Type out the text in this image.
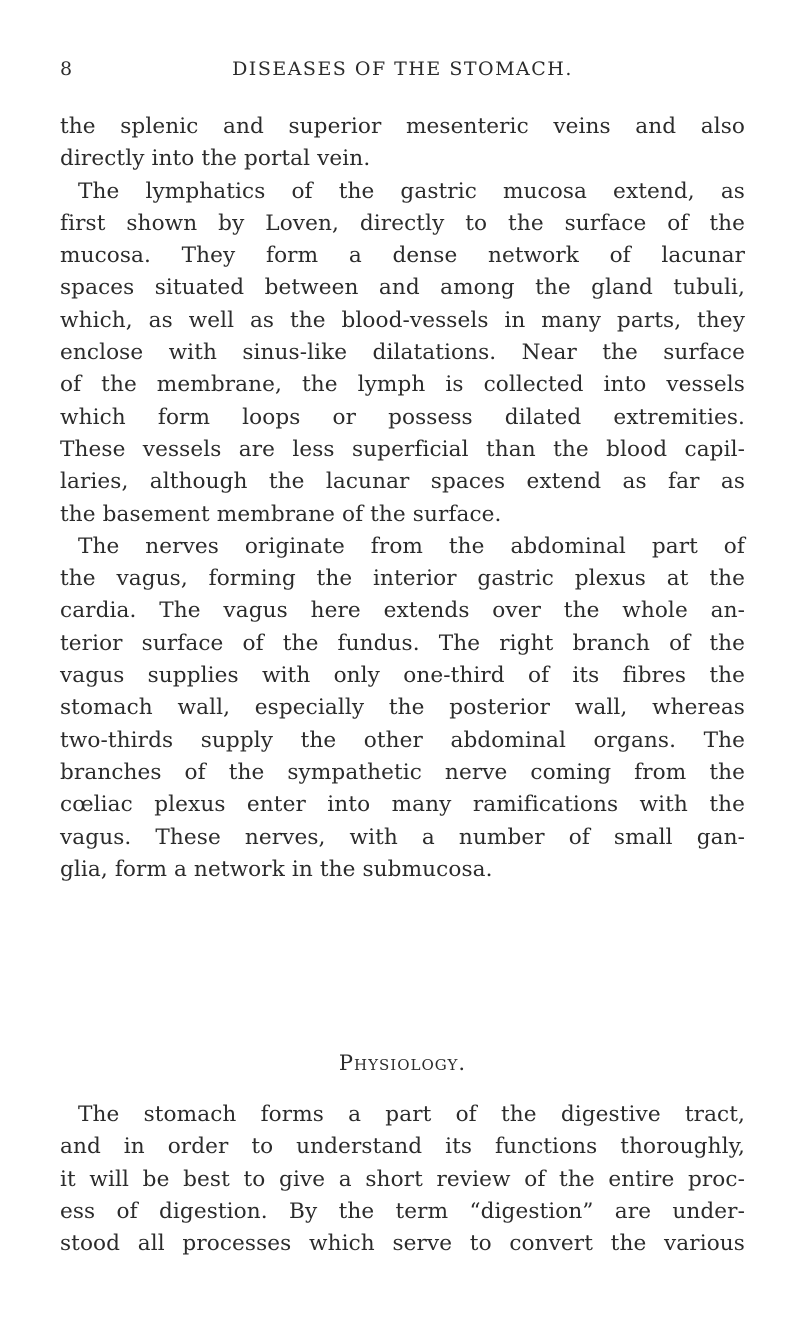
8	DISEASES OF THE STOMACH.
the splenic and superior mesenteric veins and also
directly into the portal vein.
The lymphatics of the gastric mucosa extend, as
first shown by Loven, directly to the surface of the
mucosa. They form a dense network of lacunar
spaces situated between and among the gland tubuli,
which, as well as the blood-vessels in many parts, they
enclose with sinus-like dilatations. Near the surface
of the membrane, the lymph is collected into vessels
which form loops or possess dilated extremities.
These vessels are less superficial than the blood capil-
laries, although the lacunar spaces extend as far as
the basement membrane of the surface.
The nerves originate from the abdominal part of
the vagus, forming the interior gastric plexus at the
cardia. The vagus here extends over the whole an-
terior surface of the fundus. The right branch of the
vagus supplies with only one-third of its fibres the
stomach wall, especially the posterior wall, whereas
two-thirds supply the other abdominal organs. The
branches of the sympathetic nerve coming from the
cœliac plexus enter into many ramifications with the
vagus. These nerves, with a number of small gan-
glia, form a network in the submucosa.
Physiology.
The stomach forms a part of the digestive tract,
and in order to understand its functions thoroughly,
it will be best to give a short review of the entire proc-
ess of digestion. By the term “digestion” are under-
stood all processes which serve to convert the various
